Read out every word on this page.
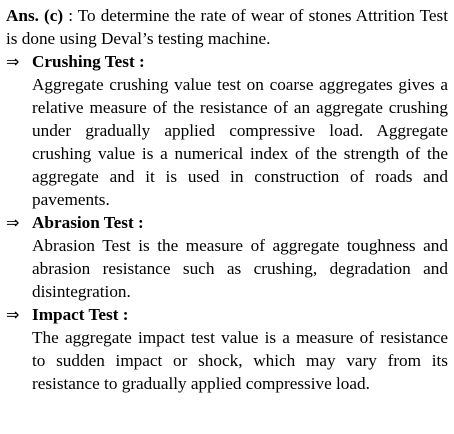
Ans. (c) : To determine the rate of wear of stones Attrition Test is done using Deval’s testing machine.

⇒ Crushing Test :

Aggregate crushing value test on coarse aggregates gives a relative measure of the resistance of an aggregate crushing under gradually applied compressive load. Aggregate crushing value is a numerical index of the strength of the aggregate and it is used in construction of roads and pavements.

⇒ Abrasion Test :

Abrasion Test is the measure of aggregate toughness and abrasion resistance such as crushing, degradation and disintegration.

⇒ Impact Test :

The aggregate impact test value is a measure of resistance to sudden impact or shock, which may vary from its resistance to gradually applied compressive load.
